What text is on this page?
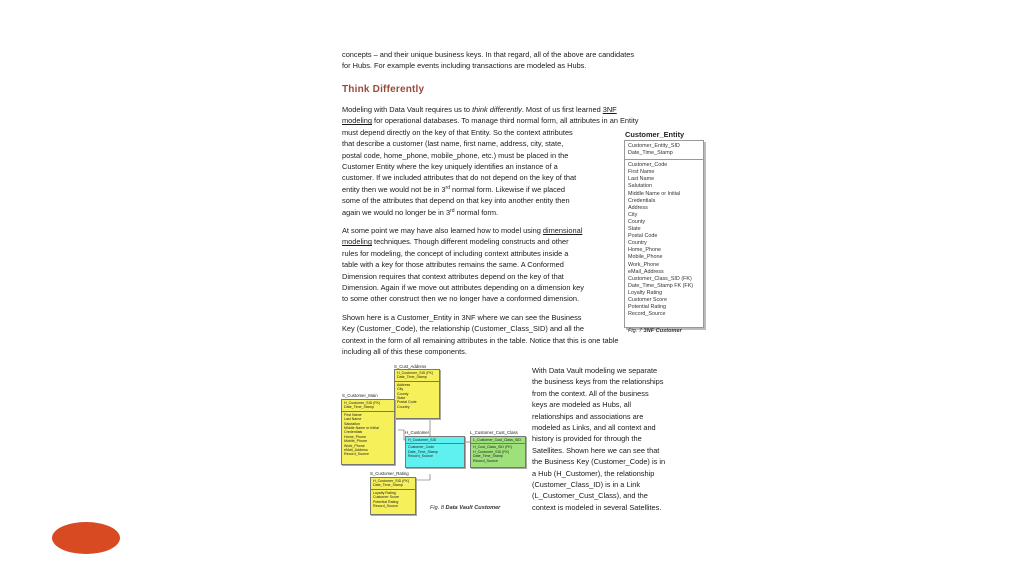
concepts – and their unique business keys. In that regard, all of the above are candidates
for Hubs. For example events including transactions are modeled as Hubs.

Think Differently

Modeling with Data Vault requires us to think differently. Most of us first learned 3NF
modeling for operational databases. To manage third normal form, all attributes in an Entity
must depend directly on the key of that Entity. So the context attributes
that describe a customer (last name, first name, address, city, state,
postal code, home_phone, mobile_phone, etc.) must be placed in the
Customer Entity where the key uniquely identifies an instance of a
customer. If we included attributes that do not depend on the key of that
entity then we would not be in 3rd normal form. Likewise if we placed
some of the attributes that depend on that key into another entity then
again we would no longer be in 3rd normal form.

At some point we may have also learned how to model using dimensional
modeling techniques. Though different modeling constructs and other
rules for modeling, the concept of including context attributes inside a
table with a key for those attributes remains the same. A Conformed
Dimension requires that context attributes depend on the key of that
Dimension. Again if we move out attributes depending on a dimension key
to some other construct then we no longer have a conformed dimension.

Shown here is a Customer_Entity in 3NF where we can see the Business
Key (Customer_Code), the relationship (Customer_Class_SID) and all the
context in the form of all remaining attributes in the table. Notice that this is one table
including all of this these components.

With Data Vault modeling we separate
the business keys from the relationships
from the context. All of the business
keys are modeled as Hubs, all
relationships and associations are
modeled as Links, and all context and
history is provided for through the
Satellites. Shown here we can see that
the Business Key (Customer_Code) is in
a Hub (H_Customer), the relationship
(Customer_Class_ID) is in a Link
(L_Customer_Cust_Class), and the
context is modeled in several Satellites.

Customer_Entity
Customer_Entity_SID
Date_Time_Stamp
Customer_Code
First Name
Last Name
Salutation
Middle Name or Initial
Credentials
Address
City
County
State
Postal Code
Country
Home_Phone
Mobile_Phone
Work_Phone
eMail_Address
Customer_Class_SID (FK)
Date_Time_Stamp FK (FK)
Loyalty Rating
Customer Score
Potential Rating
Record_Source
Fig. 7 3NF Customer
S_Cust_Address
H_Customer_SID (FK)
Date_Time_Stamp
Address
City
County
State
Postal Code
Country
S_Customer_Main
H_Customer_SID (FK)
Date_Time_Stamp
First Name
Last Name
Salutation
Middle Name or Initial
Credentials
Home_Phone
Mobile_Phone
Work_Phone
eMail_Address
Record_Source
H_Customer
H_Customer_SID
Customer_Code
Date_Time_Stamp
Record_Source
L_Customer_Cust_Class
L_Customer_Cust_Class_SID
H_Cust_Class_SID (FK)
H_Customer_SID (FK)
Date_Time_Stamp
Record_Source
S_Customer_Rating
H_Customer_SID (FK)
Date_Time_Stamp
Loyalty Rating
Customer Score
Potential Rating
Record_Source	Fig. 8 Data Vault Customer
